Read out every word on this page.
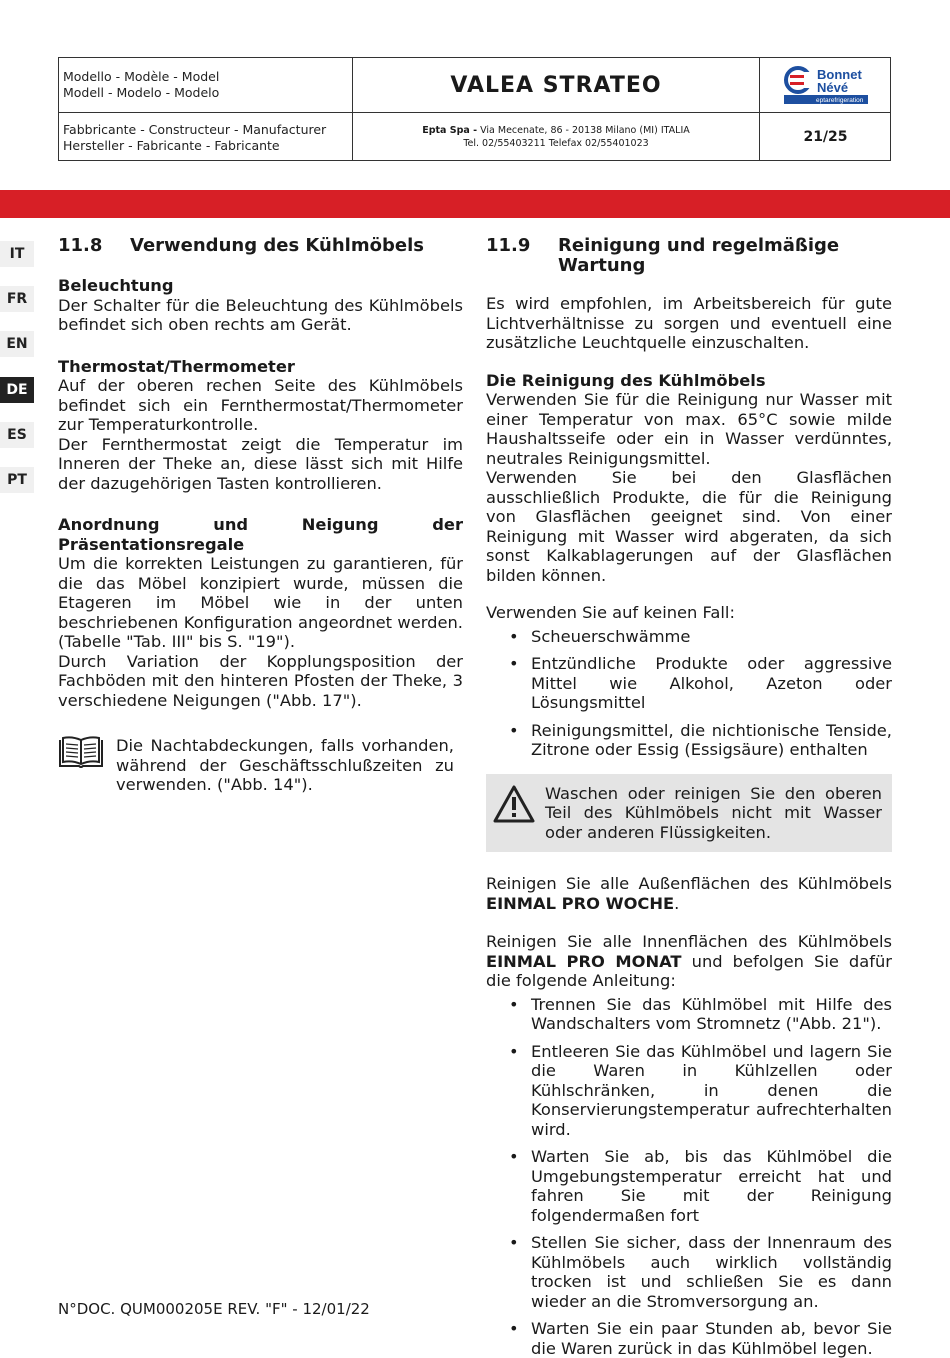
Modello - Modèle - Model
Modell - Modelo - Modelo	VALEA STRATEO	Bonnet
Névé
eptarefrigeration
Fabbricante - Constructeur - Manufacturer
Hersteller - Fabricante - Fabricante
Epta Spa - Via Mecenate, 86 - 20138 Milano (MI) ITALIA
Tel. 02/55403211 Telefax 02/55401023	21/25
IT
FR
EN
DE
ES
PT
11.8	Verwendung des Kühlmöbels
Beleuchtung

Der Schalter für die Beleuchtung des Kühlmöbels befindet sich oben rechts am Gerät.

Thermostat/Thermometer

Auf der oberen rechen Seite des Kühlmöbels befindet sich ein Fernthermostat/Thermometer zur Temperaturkontrolle.

Der Fernthermostat zeigt die Temperatur im Inneren der Theke an, diese lässt sich mit Hilfe der dazugehörigen Tasten kontrollieren.

Anordnung und Neigung der
Präsentationsregale

Um die korrekten Leistungen zu garantieren, für die das Möbel konzipiert wurde, müssen die Etageren im Möbel wie in der unten beschriebenen Konfiguration angeordnet werden. (Tabelle "Tab. III" bis S. "19").

Durch Variation der Kopplungsposition der Fachböden mit den hinteren Pfosten der Theke, 3 verschiedene Neigungen ("Abb. 17").

Die Nachtabdeckungen, falls vorhanden, während der Geschäftsschlußzeiten zu verwenden. ("Abb. 14").

11.9	Reinigung und regelmäßige Wartung

Es wird empfohlen, im Arbeitsbereich für gute Lichtverhältnisse zu sorgen und eventuell eine zusätzliche Leuchtquelle einzuschalten.

Die Reinigung des Kühlmöbels

Verwenden Sie für die Reinigung nur Wasser mit einer Temperatur von max. 65°C sowie milde Haushaltsseife oder ein in Wasser verdünntes, neutrales Reinigungsmittel.

Verwenden Sie bei den Glasflächen ausschließlich Produkte, die für die Reinigung von Glasflächen geeignet sind. Von einer Reinigung mit Wasser wird abgeraten, da sich sonst Kalkablagerungen auf der Glasflächen bilden können.

Verwenden Sie auf keinen Fall:

• Scheuerschwämme
• Entzündliche Produkte oder aggressive Mittel wie Alkohol, Azeton oder Lösungsmittel
• Reinigungsmittel, die nichtionische Tenside, Zitrone oder Essig (Essigsäure) enthalten

Waschen oder reinigen Sie den oberen Teil des Kühlmöbels nicht mit Wasser oder anderen Flüssigkeiten.

Reinigen Sie alle Außenflächen des Kühlmöbels EINMAL PRO WOCHE.

Reinigen Sie alle Innenflächen des Kühlmöbels EINMAL PRO MONAT und befolgen Sie dafür die folgende Anleitung:

• Trennen Sie das Kühlmöbel mit Hilfe des Wandschalters vom Stromnetz ("Abb. 21").
• Entleeren Sie das Kühlmöbel und lagern Sie die Waren in Kühlzellen oder Kühlschränken, in denen die Konservierungstemperatur aufrechterhalten wird.
• Warten Sie ab, bis das Kühlmöbel die Umgebungstemperatur erreicht hat und fahren Sie mit der Reinigung folgendermaßen fort
• Stellen Sie sicher, dass der Innenraum des Kühlmöbels auch wirklich vollständig trocken ist und schließen Sie es dann wieder an die Stromversorgung an.
• Warten Sie ein paar Stunden ab, bevor Sie die Waren zurück in das Kühlmöbel legen.
N°DOC. QUM000205E REV. "F" - 12/01/22
